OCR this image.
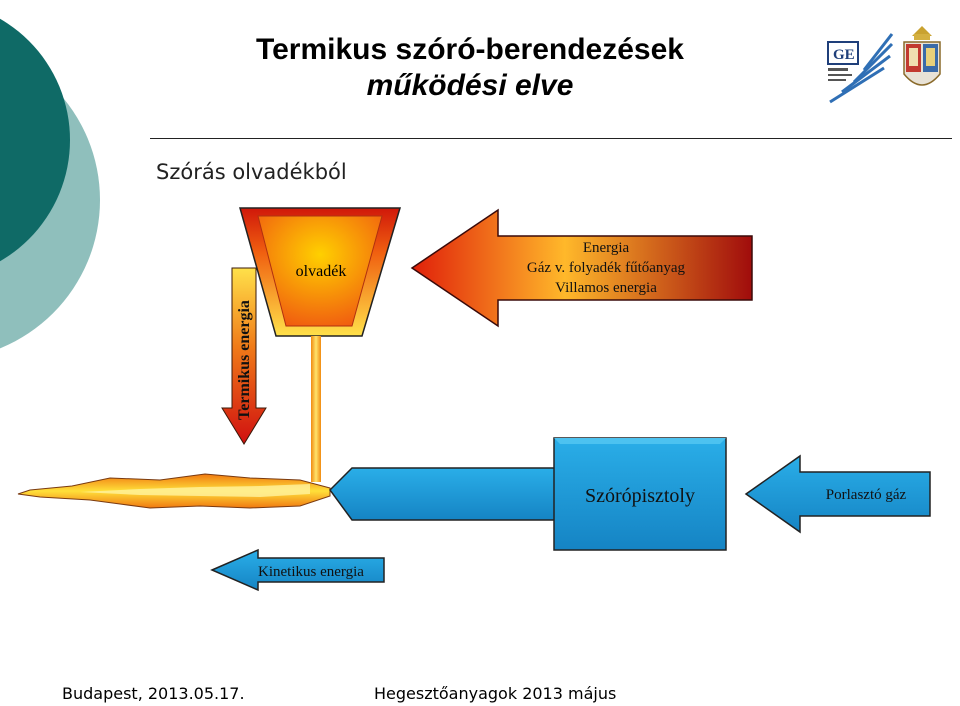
Termikus szóró-berendezések
működési elve
GE
Szórás olvadékból
Termikus energia
olvadék
Energia
Gáz v. folyadék fűtőanyag
Villamos energia
Szórópisztoly	Porlasztó gáz
Kinetikus energia
Budapest, 2013.05.17.	Hegesztőanyagok 2013 május
